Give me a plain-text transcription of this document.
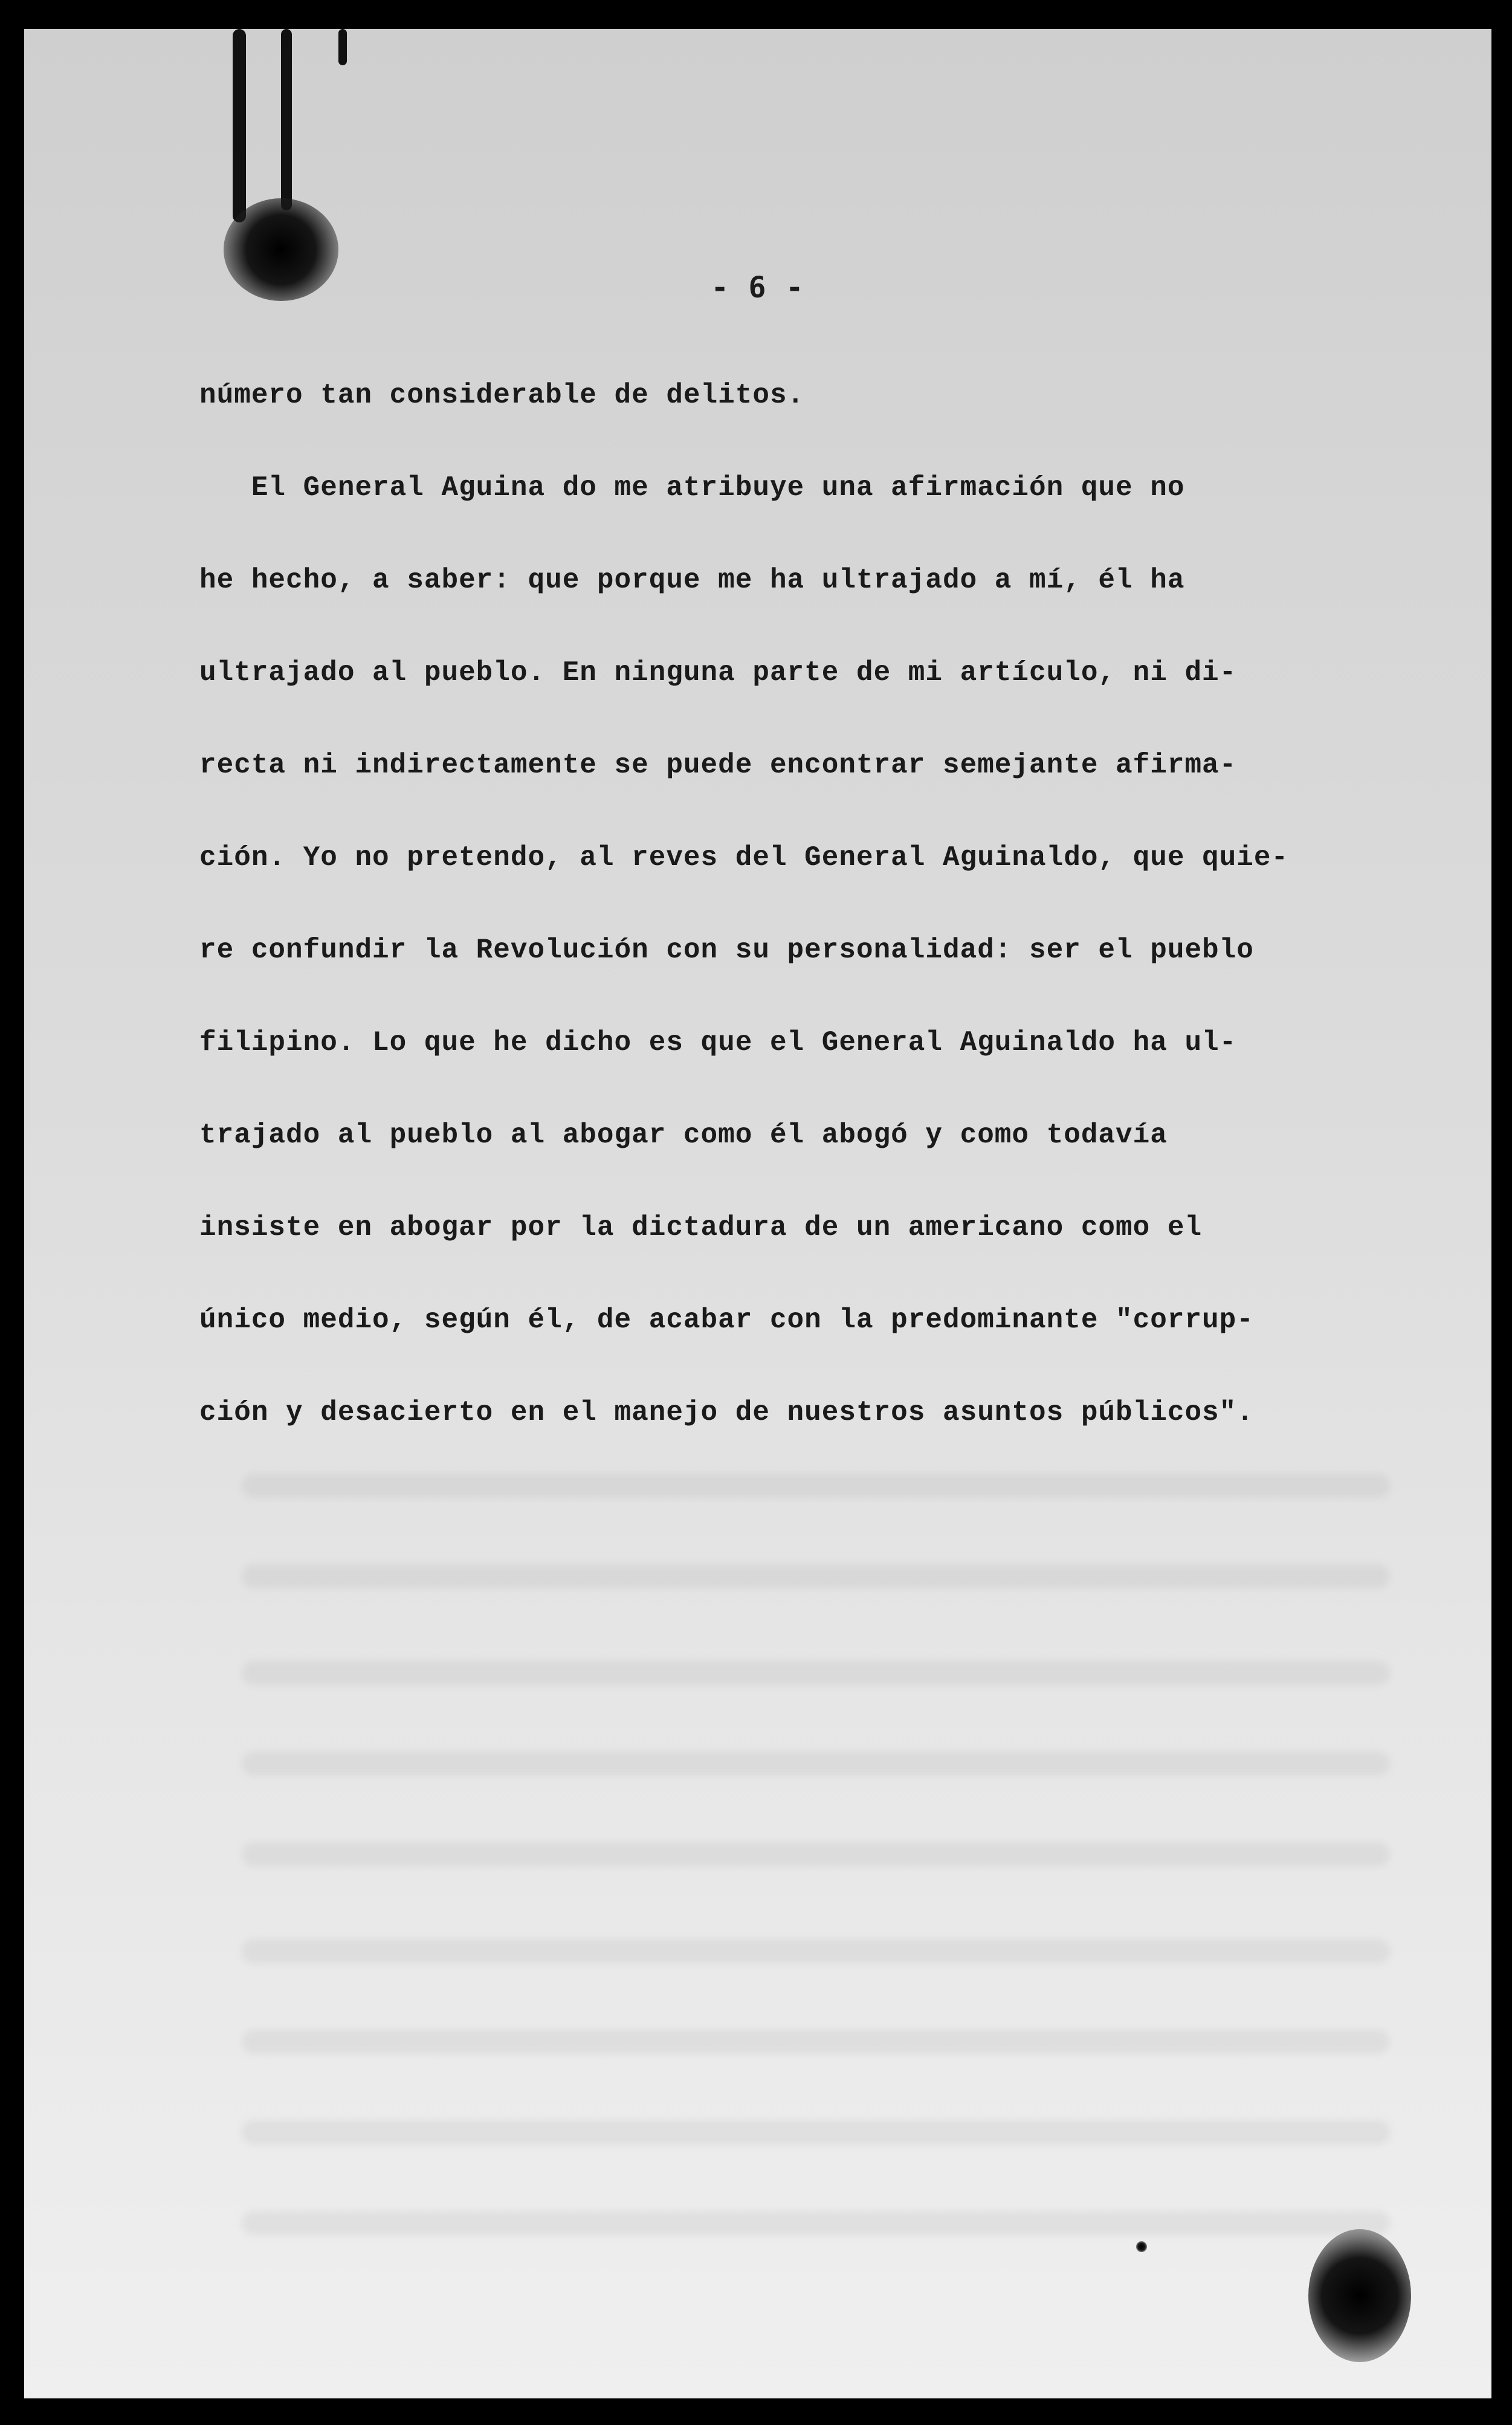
- 6 -
número tan considerable de delitos.
El General Aguina do me atribuye una afirmación que no
he hecho, a saber: que porque me ha ultrajado a mí, él ha
ultrajado al pueblo. En ninguna parte de mi artículo, ni di-
recta ni indirectamente se puede encontrar semejante afirma-
ción. Yo no pretendo, al reves del General Aguinaldo, que quie-
re confundir la Revolución con su personalidad: ser el pueblo
filipino. Lo que he dicho es que el General Aguinaldo ha ul-
trajado al pueblo al abogar como él abogó y como todavía
insiste en abogar por la dictadura de un americano como el
único medio, según él, de acabar con la predominante "corrup-
ción y desacierto en el manejo de nuestros asuntos públicos".
